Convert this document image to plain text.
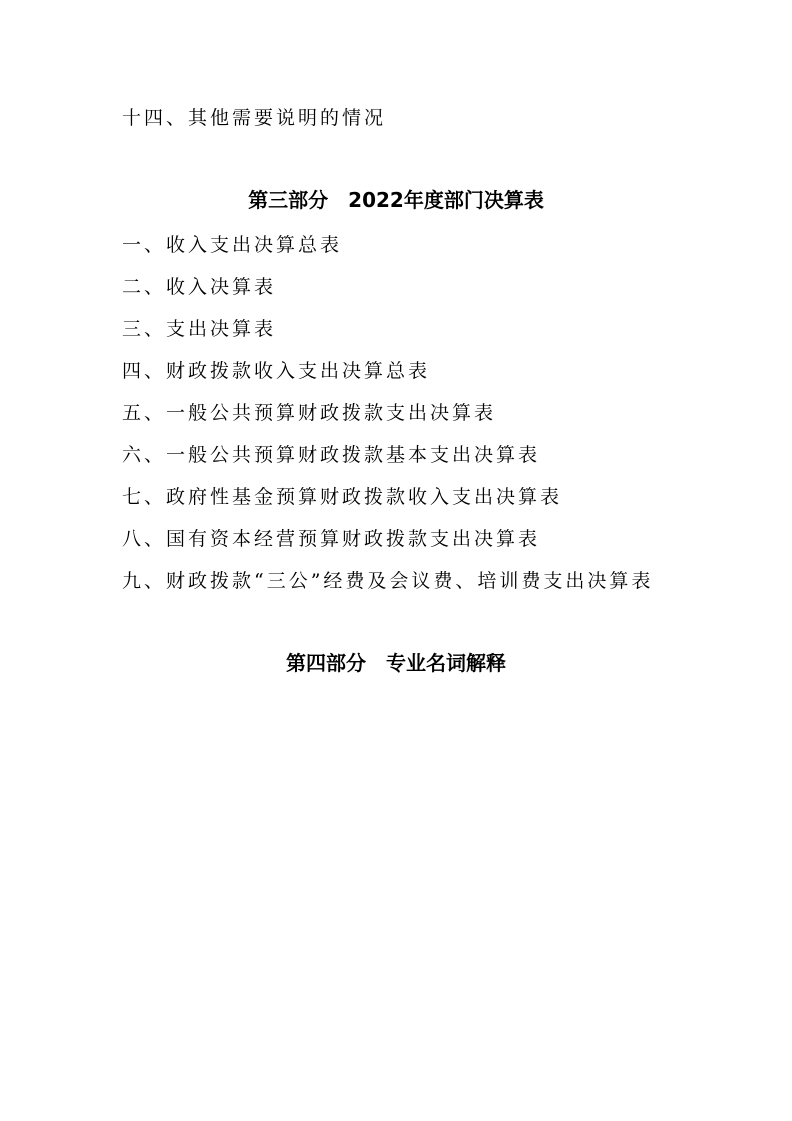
十四、其他需要说明的情况
第三部分　2022年度部门决算表
一、收入支出决算总表
二、收入决算表
三、支出决算表
四、财政拨款收入支出决算总表
五、一般公共预算财政拨款支出决算表
六、一般公共预算财政拨款基本支出决算表
七、政府性基金预算财政拨款收入支出决算表
八、国有资本经营预算财政拨款支出决算表
九、财政拨款“三公”经费及会议费、培训费支出决算表
第四部分　专业名词解释
